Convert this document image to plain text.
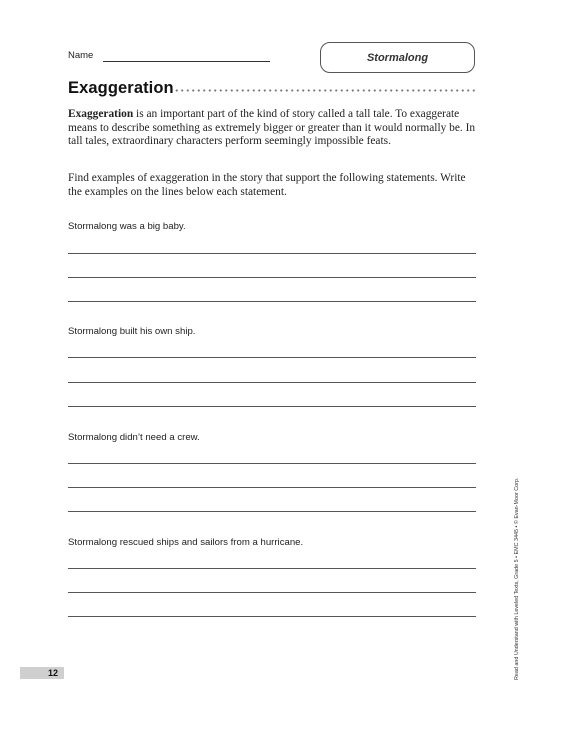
Name	Stormalong
Exaggeration
Exaggeration is an important part of the kind of story called a tall tale. To exaggerate means to describe something as extremely bigger or greater than it would normally be. In tall tales, extraordinary characters perform seemingly impossible feats.
Find examples of exaggeration in the story that support the following statements. Write the examples on the lines below each statement.
Stormalong was a big baby.
Stormalong built his own ship.
Stormalong didn’t need a crew.
Stormalong rescued ships and sailors from a hurricane.
12	Read and Understand with Leveled Texts, Grade 5 • EMC 3445 • © Evan-Moor Corp.
